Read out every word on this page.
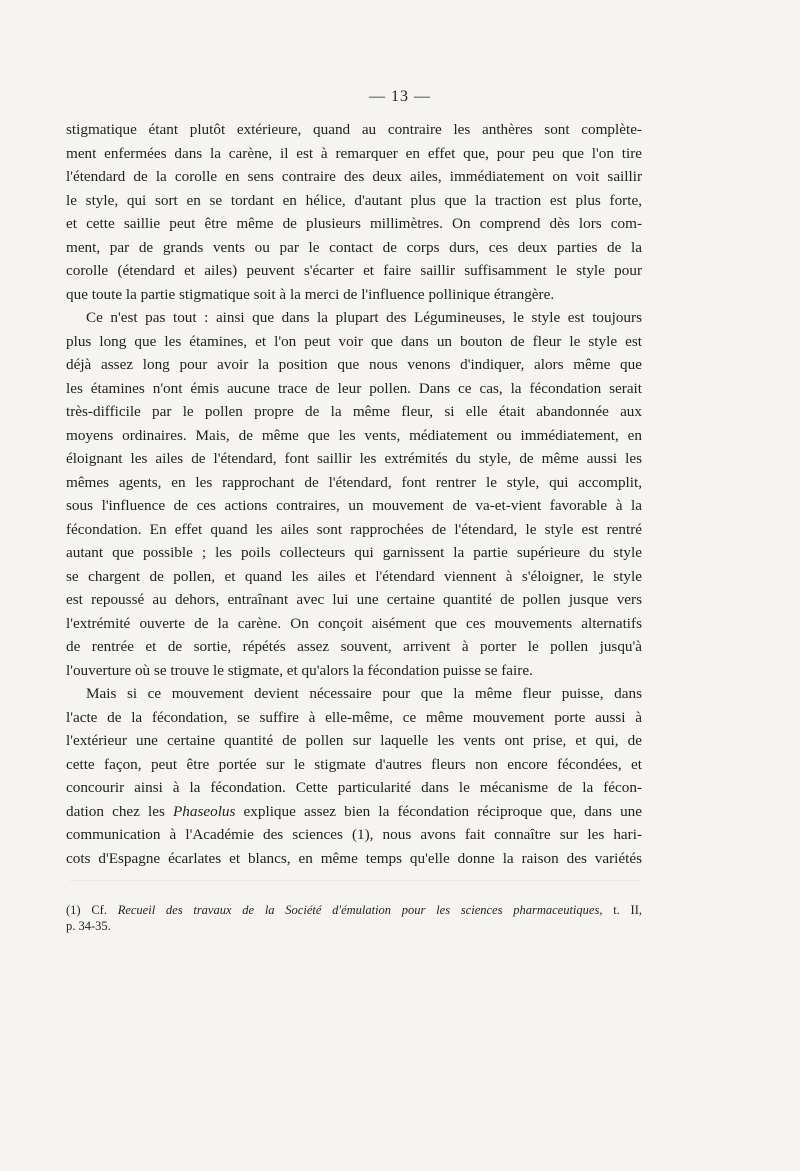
— 13 —
stigmatique étant plutôt extérieure, quand au contraire les anthères sont complète-
ment enfermées dans la carène, il est à remarquer en effet que, pour peu que l'on tire
l'étendard de la corolle en sens contraire des deux ailes, immédiatement on voit saillir
le style, qui sort en se tordant en hélice, d'autant plus que la traction est plus forte,
et cette saillie peut être même de plusieurs millimètres. On comprend dès lors com-
ment, par de grands vents ou par le contact de corps durs, ces deux parties de la
corolle (étendard et ailes) peuvent s'écarter et faire saillir suffisamment le style pour
que toute la partie stigmatique soit à la merci de l'influence pollinique étrangère.
Ce n'est pas tout : ainsi que dans la plupart des Légumineuses, le style est toujours
plus long que les étamines, et l'on peut voir que dans un bouton de fleur le style est
déjà assez long pour avoir la position que nous venons d'indiquer, alors même que
les étamines n'ont émis aucune trace de leur pollen. Dans ce cas, la fécondation serait
très-difficile par le pollen propre de la même fleur, si elle était abandonnée aux
moyens ordinaires. Mais, de même que les vents, médiatement ou immédiatement, en
éloignant les ailes de l'étendard, font saillir les extrémités du style, de même aussi les
mêmes agents, en les rapprochant de l'étendard, font rentrer le style, qui accomplit,
sous l'influence de ces actions contraires, un mouvement de va-et-vient favorable à la
fécondation. En effet quand les ailes sont rapprochées de l'étendard, le style est rentré
autant que possible ; les poils collecteurs qui garnissent la partie supérieure du style
se chargent de pollen, et quand les ailes et l'étendard viennent à s'éloigner, le style
est repoussé au dehors, entraînant avec lui une certaine quantité de pollen jusque vers
l'extrémité ouverte de la carène. On conçoit aisément que ces mouvements alternatifs
de rentrée et de sortie, répétés assez souvent, arrivent à porter le pollen jusqu'à
l'ouverture où se trouve le stigmate, et qu'alors la fécondation puisse se faire.
Mais si ce mouvement devient nécessaire pour que la même fleur puisse, dans
l'acte de la fécondation, se suffire à elle-même, ce même mouvement porte aussi à
l'extérieur une certaine quantité de pollen sur laquelle les vents ont prise, et qui, de
cette façon, peut être portée sur le stigmate d'autres fleurs non encore fécondées, et
concourir ainsi à la fécondation. Cette particularité dans le mécanisme de la fécon-
dation chez les Phaseolus explique assez bien la fécondation réciproque que, dans une
communication à l'Académie des sciences (1), nous avons fait connaître sur les hari-
cots d'Espagne écarlates et blancs, en même temps qu'elle donne la raison des variétés
(1) Cf. Recueil des travaux de la Société d'émulation pour les sciences pharmaceutiques, t. II,
p. 34-35.
